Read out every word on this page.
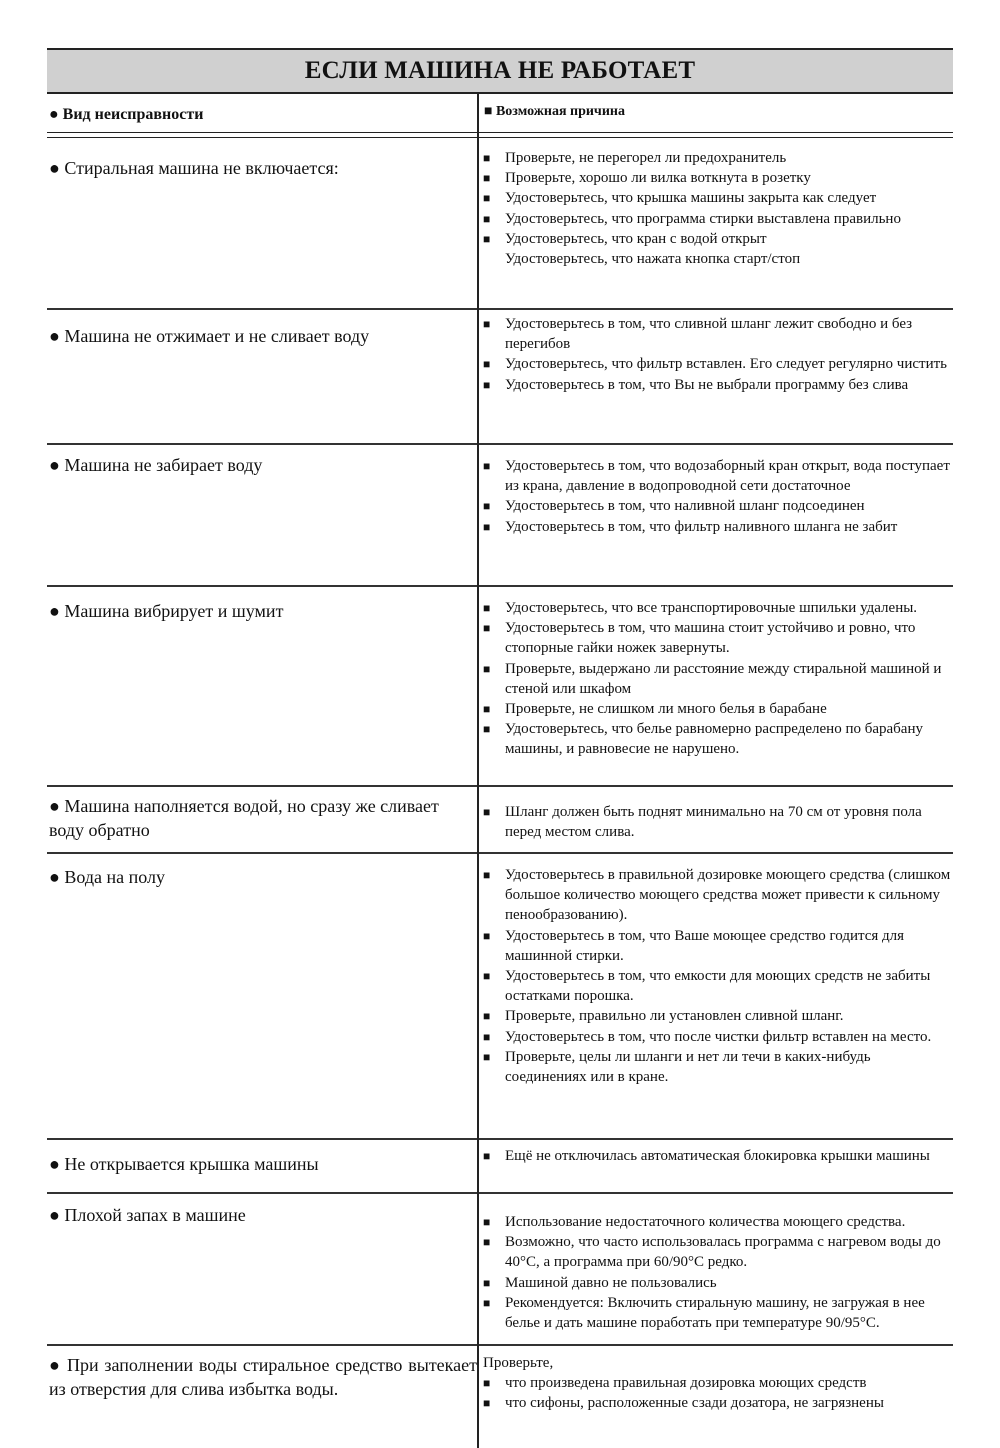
ЕСЛИ МАШИНА НЕ РАБОТАЕТ
● Вид неисправности	■ Возможная причина
● Стиральная машина не включается:	■ Проверьте, не перегорел ли предохранитель
■ Проверьте, хорошо ли вилка воткнута в розетку
■ Удостоверьтесь, что крышка машины закрыта как следует
■ Удостоверьтесь, что программа стирки выставлена правильно
■ Удостоверьтесь, что кран с водой открыт
Удостоверьтесь, что нажата кнопка старт/стоп
● Машина не отжимает и не сливает воду
■ Удостоверьтесь в том, что сливной шланг лежит свободно и без перегибов
■ Удостоверьтесь, что фильтр вставлен. Его следует регулярно чистить
■ Удостоверьтесь в том, что Вы не выбрали программу без слива
● Машина не забирает воду	■ Удостоверьтесь в том, что водозаборный кран открыт, вода поступает из крана, давление в водопроводной сети достаточное
■ Удостоверьтесь в том, что наливной шланг подсоединен
■ Удостоверьтесь в том, что фильтр наливного шланга не забит
● Машина вибрирует и шумит	■ Удостоверьтесь, что все транспортировочные шпильки удалены.
■ Удостоверьтесь в том, что машина стоит устойчиво и ровно, что стопорные гайки ножек завернуты.
■ Проверьте, выдержано ли расстояние между стиральной машиной и стеной или шкафом
■ Проверьте, не слишком ли много белья в барабане
■ Удостоверьтесь, что белье равномерно распределено по барабану машины, и равновесие не нарушено.
● Машина наполняется водой, но сразу же сливает воду обратно
■ Шланг должен быть поднят минимально на 70 см от уровня пола перед местом слива.
● Вода на полу	■ Удостоверьтесь в правильной дозировке моющего средства (слишком большое количество моющего средства может привести к сильному пенообразованию).
■ Удостоверьтесь в том, что Ваше моющее средство годится для машинной стирки.
■ Удостоверьтесь в том, что емкости для моющих средств не забиты остатками порошка.
■ Проверьте, правильно ли установлен сливной шланг.
■ Удостоверьтесь в том, что после чистки фильтр вставлен на место.
■ Проверьте, целы ли шланги и нет ли течи в каких-нибудь соединениях или в кране.
● Не открывается крышка машины	■ Ещё не отключилась автоматическая блокировка крышки машины
● Плохой запах в машине	■ Использование недостаточного количества моющего средства.
■ Возможно, что часто использовалась программа с нагревом воды до 40°С, а программа при 60/90°С редко.
■ Машиной давно не пользовались
■ Рекомендуется: Включить стиральную машину, не загружая в нее белье и дать машине поработать при температуре 90/95°С.
● При заполнении воды стиральное средство вытекает из отверстия для слива избытка воды.
Проверьте,
■ что произведена правильная дозировка моющих средств
■ что сифоны, расположенные сзади дозатора, не загрязнены
